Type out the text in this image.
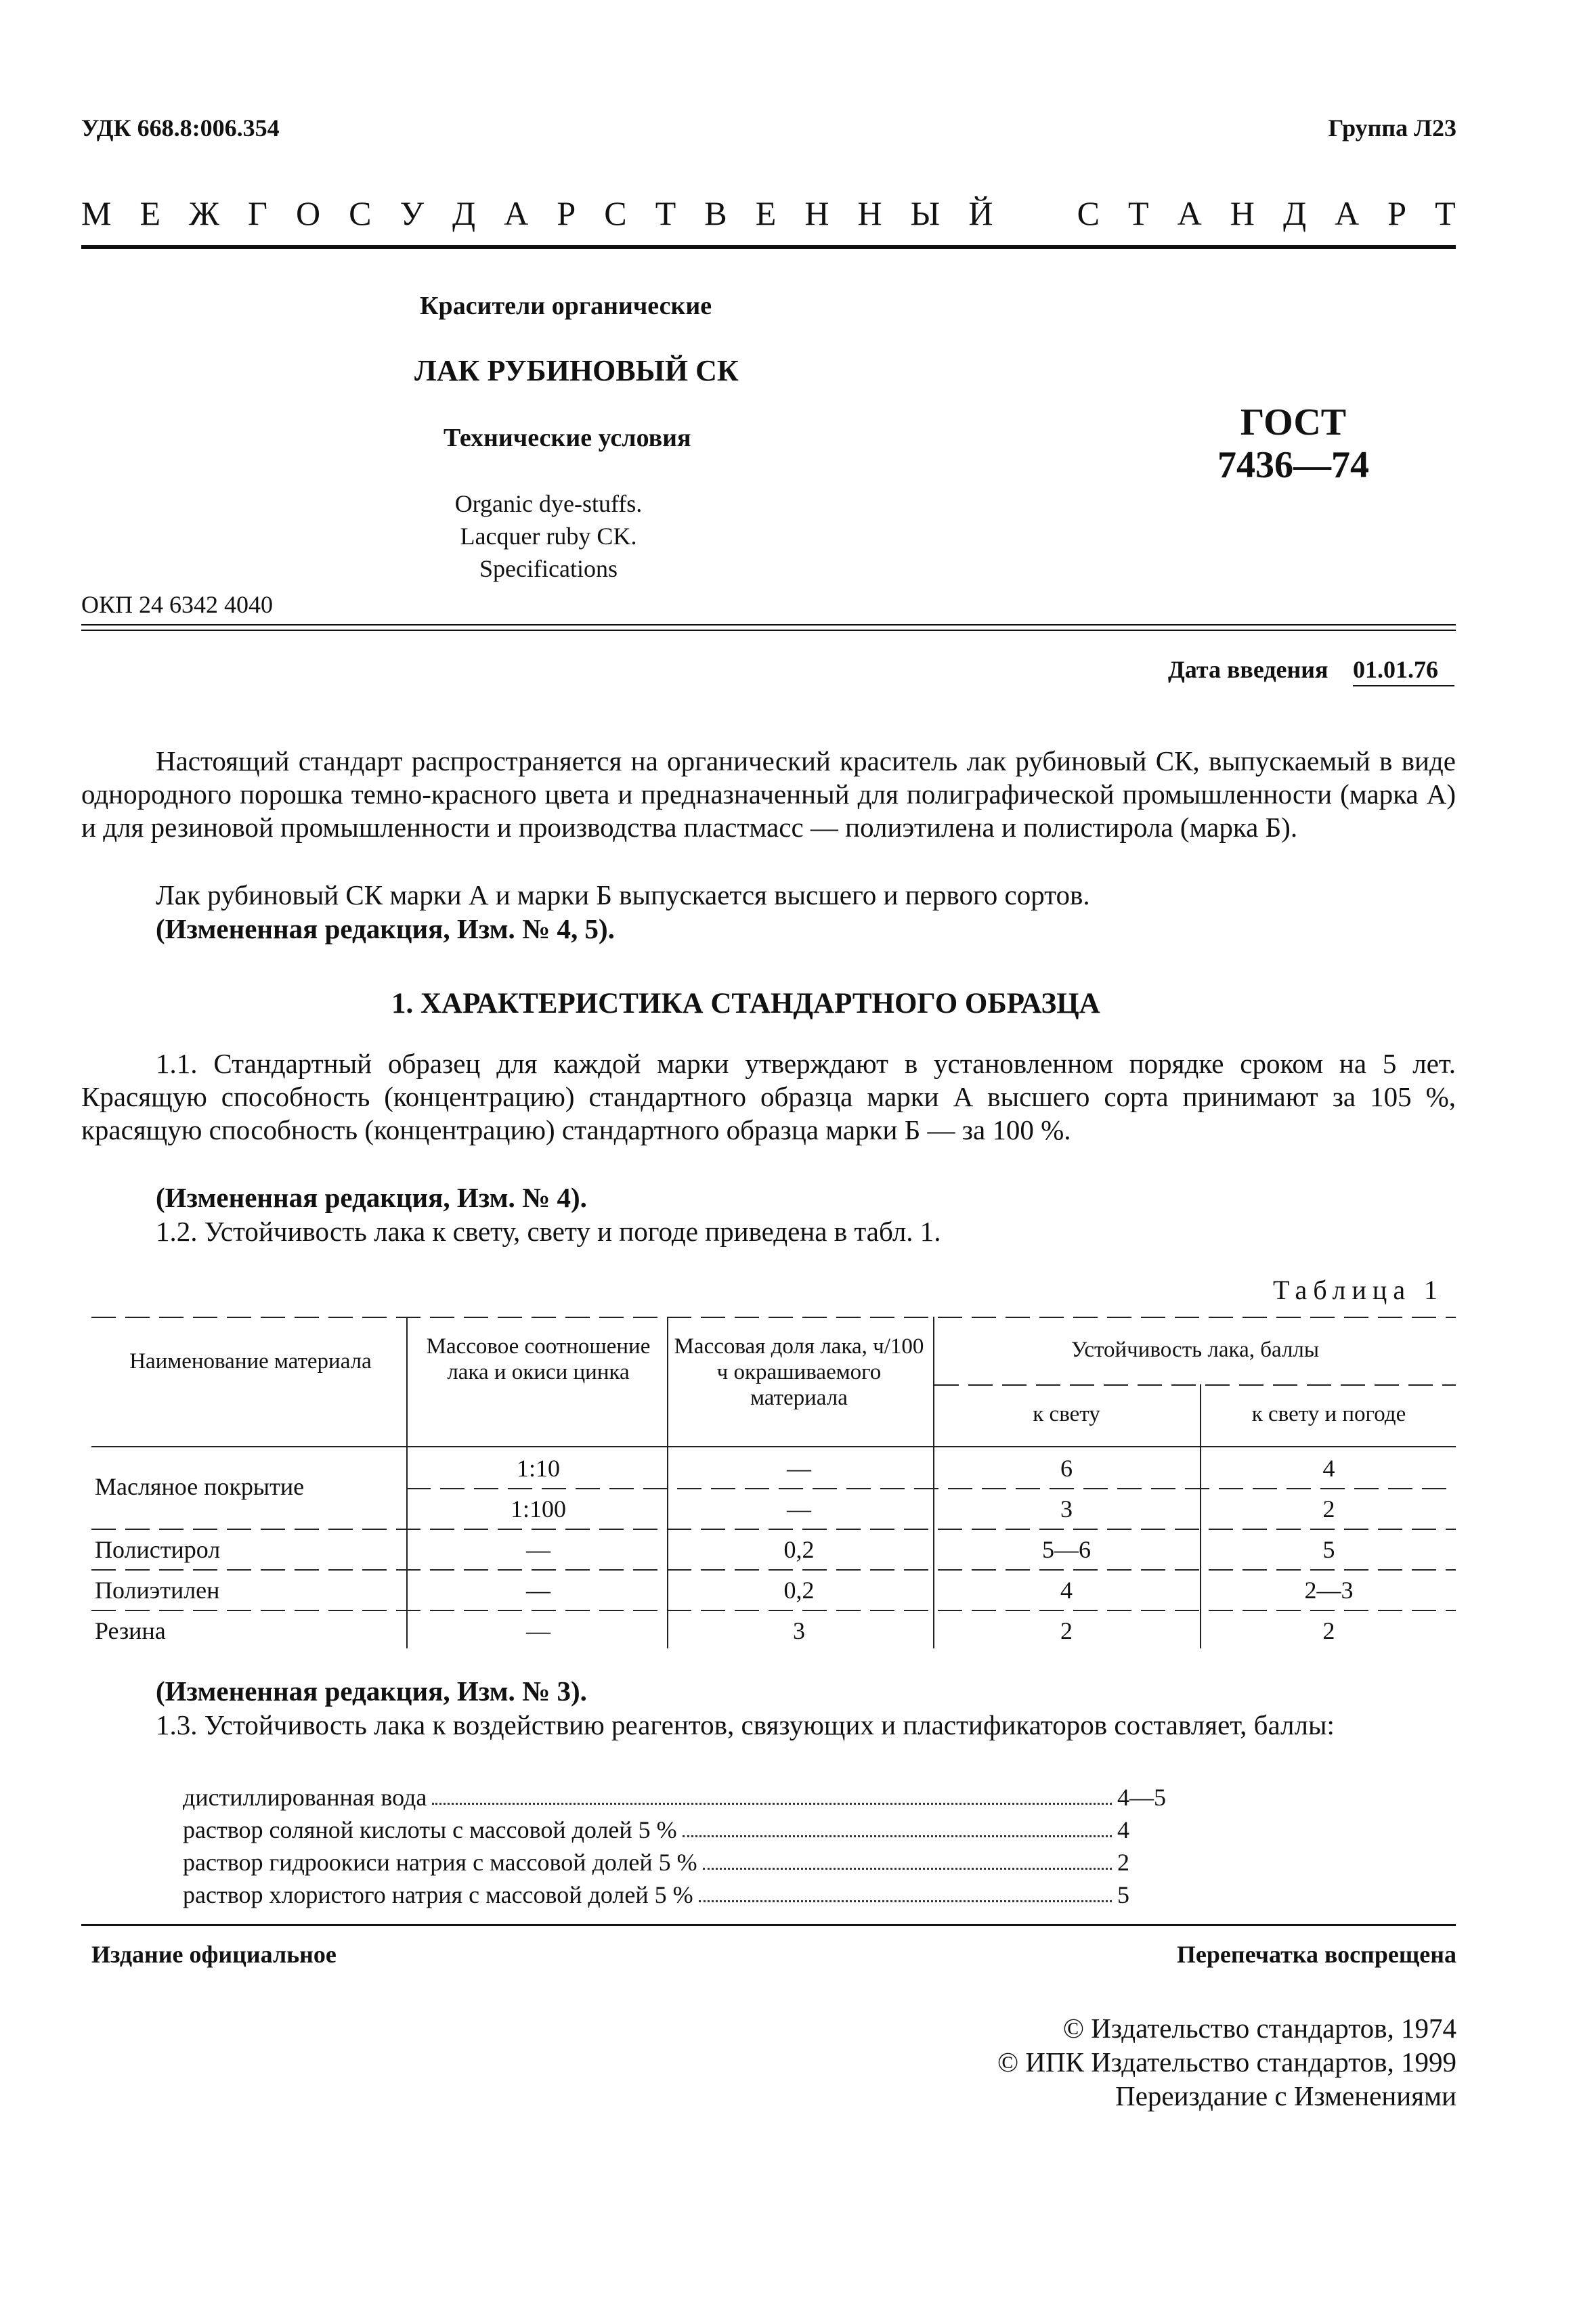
УДК 668.8:006.354	Группа Л23
М Е Ж Г О С У Д А Р С Т В Е Н Н Ы Й С Т А Н Д А Р Т
Красители органические
ЛАК РУБИНОВЫЙ СК
Технические условия
Organic dye-stuffs.
Lacquer ruby CK.
Specifications
ГОСТ
7436—74
ОКП 24 6342 4040
Дата введения 01.01.76
Настоящий стандарт распространяется на органический краситель лак рубиновый СК, выпускаемый в виде однородного порошка темно-красного цвета и предназначенный для полиграфической промышленности (марка А) и для резиновой промышленности и производства пластмасс — полиэтилена и полистирола (марка Б).
Лак рубиновый СК марки А и марки Б выпускается высшего и первого сортов.
(Измененная редакция, Изм. № 4, 5).
1. ХАРАКТЕРИСТИКА СТАНДАРТНОГО ОБРАЗЦА
1.1. Стандартный образец для каждой марки утверждают в установленном порядке сроком на 5 лет. Красящую способность (концентрацию) стандартного образца марки А высшего сорта принимают за 105 %, красящую способность (концентрацию) стандартного образца марки Б — за 100 %.
(Измененная редакция, Изм. № 4).
1.2. Устойчивость лака к свету, свету и погоде приведена в табл. 1.
Таблица 1
Наименование материала
Массовое соотношение лака и окиси цинка
Массовая доля лака, ч/100 ч окрашиваемого материала
Устойчивость лака, баллы
к свету	к свету и погоде
Масляное покрытие
1:10	—	6	4
1:100	—	3	2
Полистирол	—	0,2	5—6	5
Полиэтилен	—	0,2	4	2—3
Резина	—	3	2	2
(Измененная редакция, Изм. № 3).
1.3. Устойчивость лака к воздействию реагентов, связующих и пластификаторов составляет, баллы:
дистиллированная вода	4—5
раствор соляной кислоты с массовой долей 5 %	4
раствор гидроокиси натрия с массовой долей 5 %	2
раствор хлористого натрия с массовой долей 5 %	5
Издание официальное	Перепечатка воспрещена
© Издательство стандартов, 1974
© ИПК Издательство стандартов, 1999
Переиздание с Изменениями
